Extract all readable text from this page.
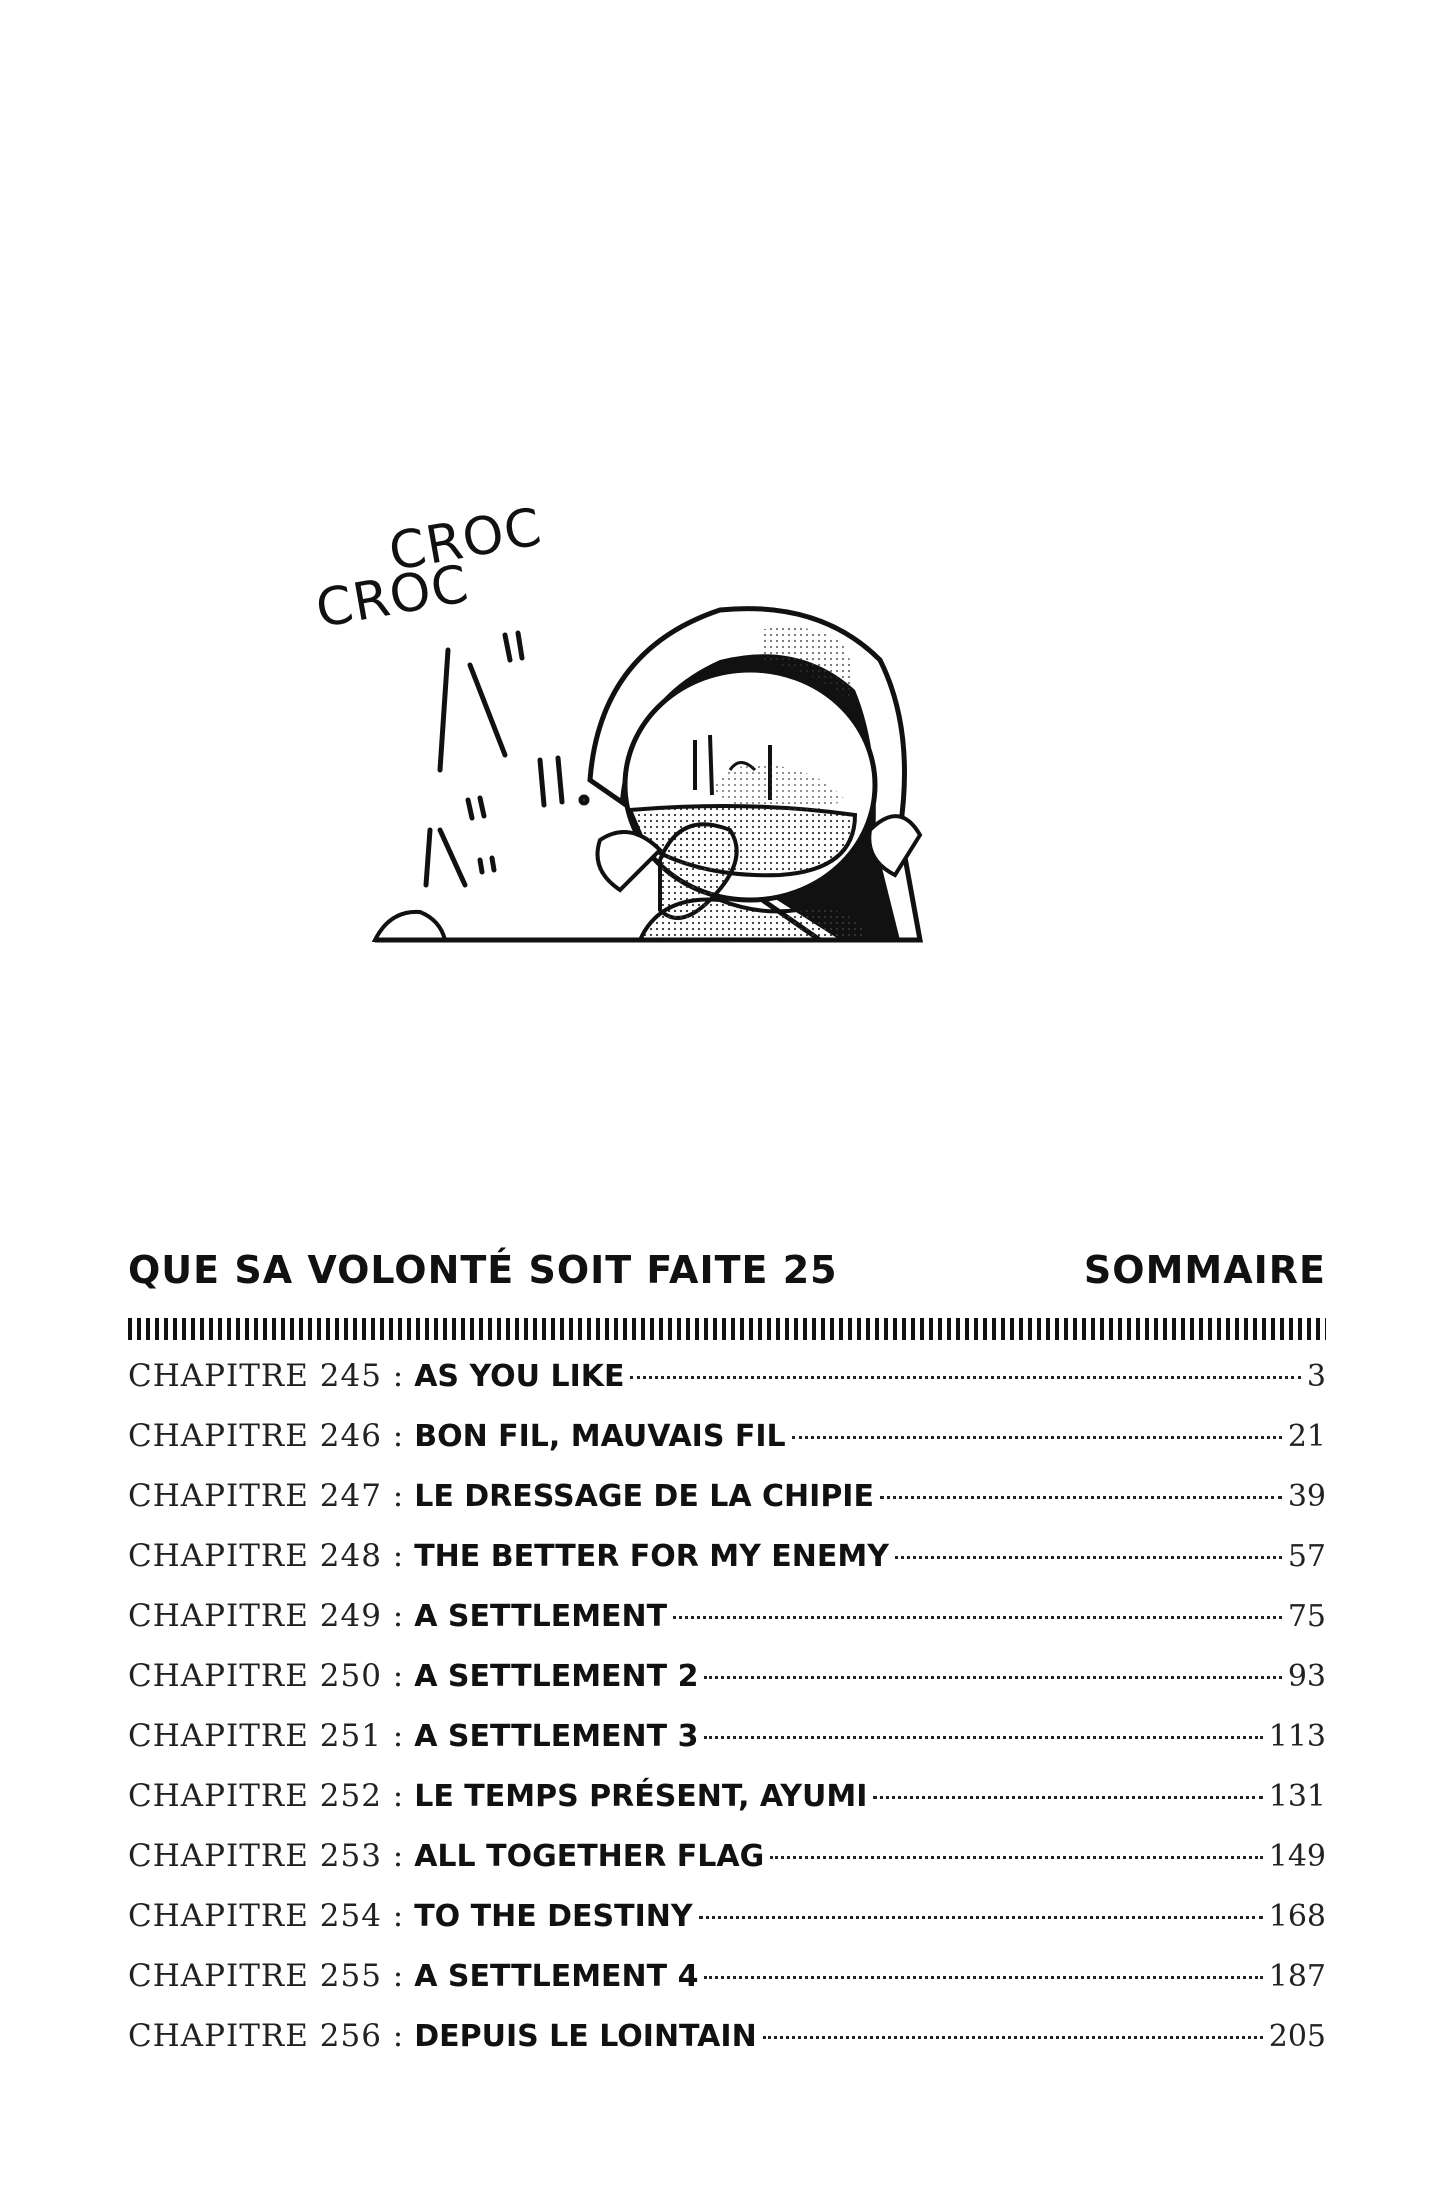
CROC
CROC
QUE SA VOLONTÉ SOIT FAITE 25	SOMMAIRE
CHAPITRE 245 : AS YOU LIKE	3
CHAPITRE 246 : BON FIL, MAUVAIS FIL	21
CHAPITRE 247 : LE DRESSAGE DE LA CHIPIE	39
CHAPITRE 248 : THE BETTER FOR MY ENEMY	57
CHAPITRE 249 : A SETTLEMENT	75
CHAPITRE 250 : A SETTLEMENT 2	93
CHAPITRE 251 : A SETTLEMENT 3	113
CHAPITRE 252 : LE TEMPS PRÉSENT, AYUMI	131
CHAPITRE 253 : ALL TOGETHER FLAG	149
CHAPITRE 254 : TO THE DESTINY	168
CHAPITRE 255 : A SETTLEMENT 4	187
CHAPITRE 256 : DEPUIS LE LOINTAIN	205
